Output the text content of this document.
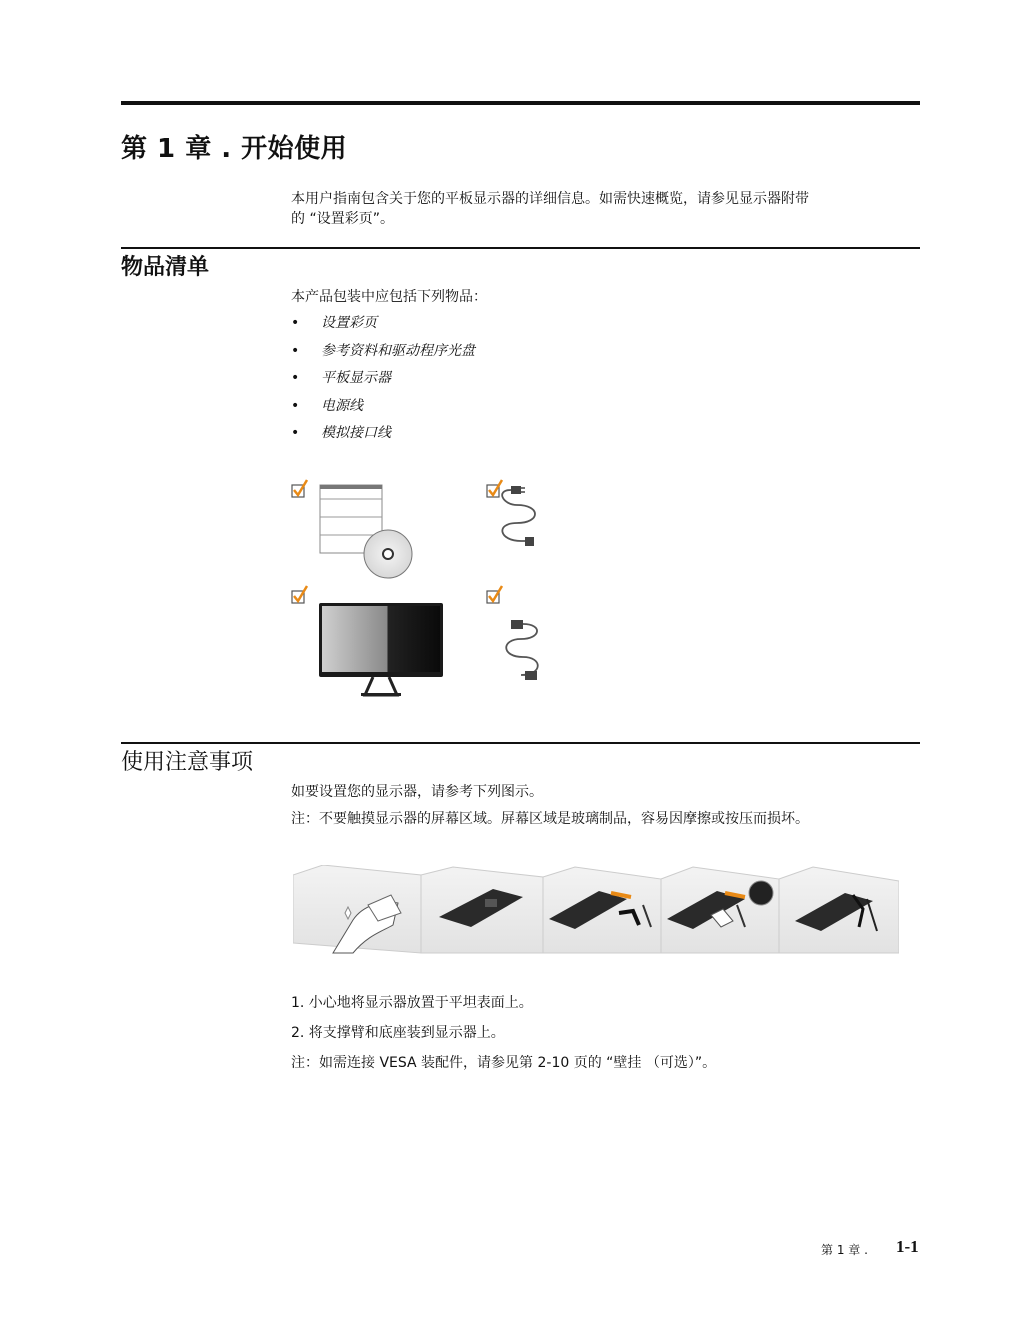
第 1 章 . 开始使用
本用户指南包含关于您的平板显示器的详细信息。如需快速概览，请参见显示器附带
的 “设置彩页”。
物品清单
本产品包装中应包括下列物品：
• 设置彩页
• 参考资料和驱动程序光盘
• 平板显示器
• 电源线
• 模拟接口线
使用注意事项
如要设置您的显示器，请参考下列图示。
注：不要触摸显示器的屏幕区域。屏幕区域是玻璃制品，容易因摩擦或按压而损坏。
1. 小心地将显示器放置于平坦表面上。
2. 将支撑臂和底座装到显示器上。
注：如需连接 VESA 装配件，请参见第 2-10 页的 “壁挂 （可选）”。
第 1 章 . 1-1
